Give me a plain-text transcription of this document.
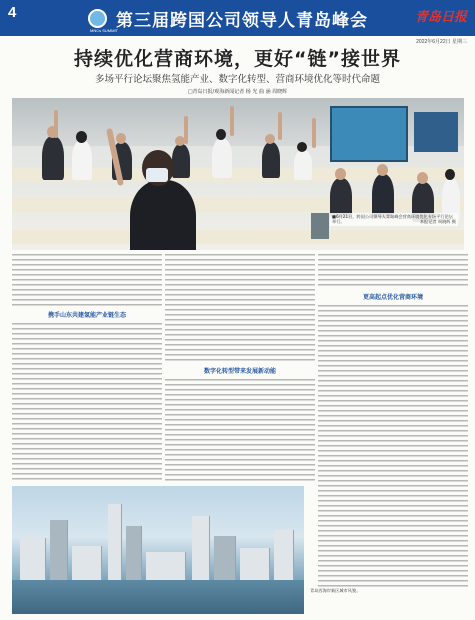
4
MNCs SUMMIT
第三届跨国公司领导人青岛峰会	青岛日报
2022年6月22日 星期三
持续优化营商环境，更好“链”接世界
多场平行论坛聚焦氢能产业、数字化转型、营商环境优化等时代命题
□青岛日报/观海新闻记者 杨 光 曲 涵 周晓辉
■6月21日，跨国公司领导人青岛峰会营商环境优化专场平行论坛举行。	本报记者 周晓辉 摄
携手山东共建氢能产业链生态
数字化转型带来发展新动能
更高起点优化营商环境
青岛西海岸新区城市风貌。
